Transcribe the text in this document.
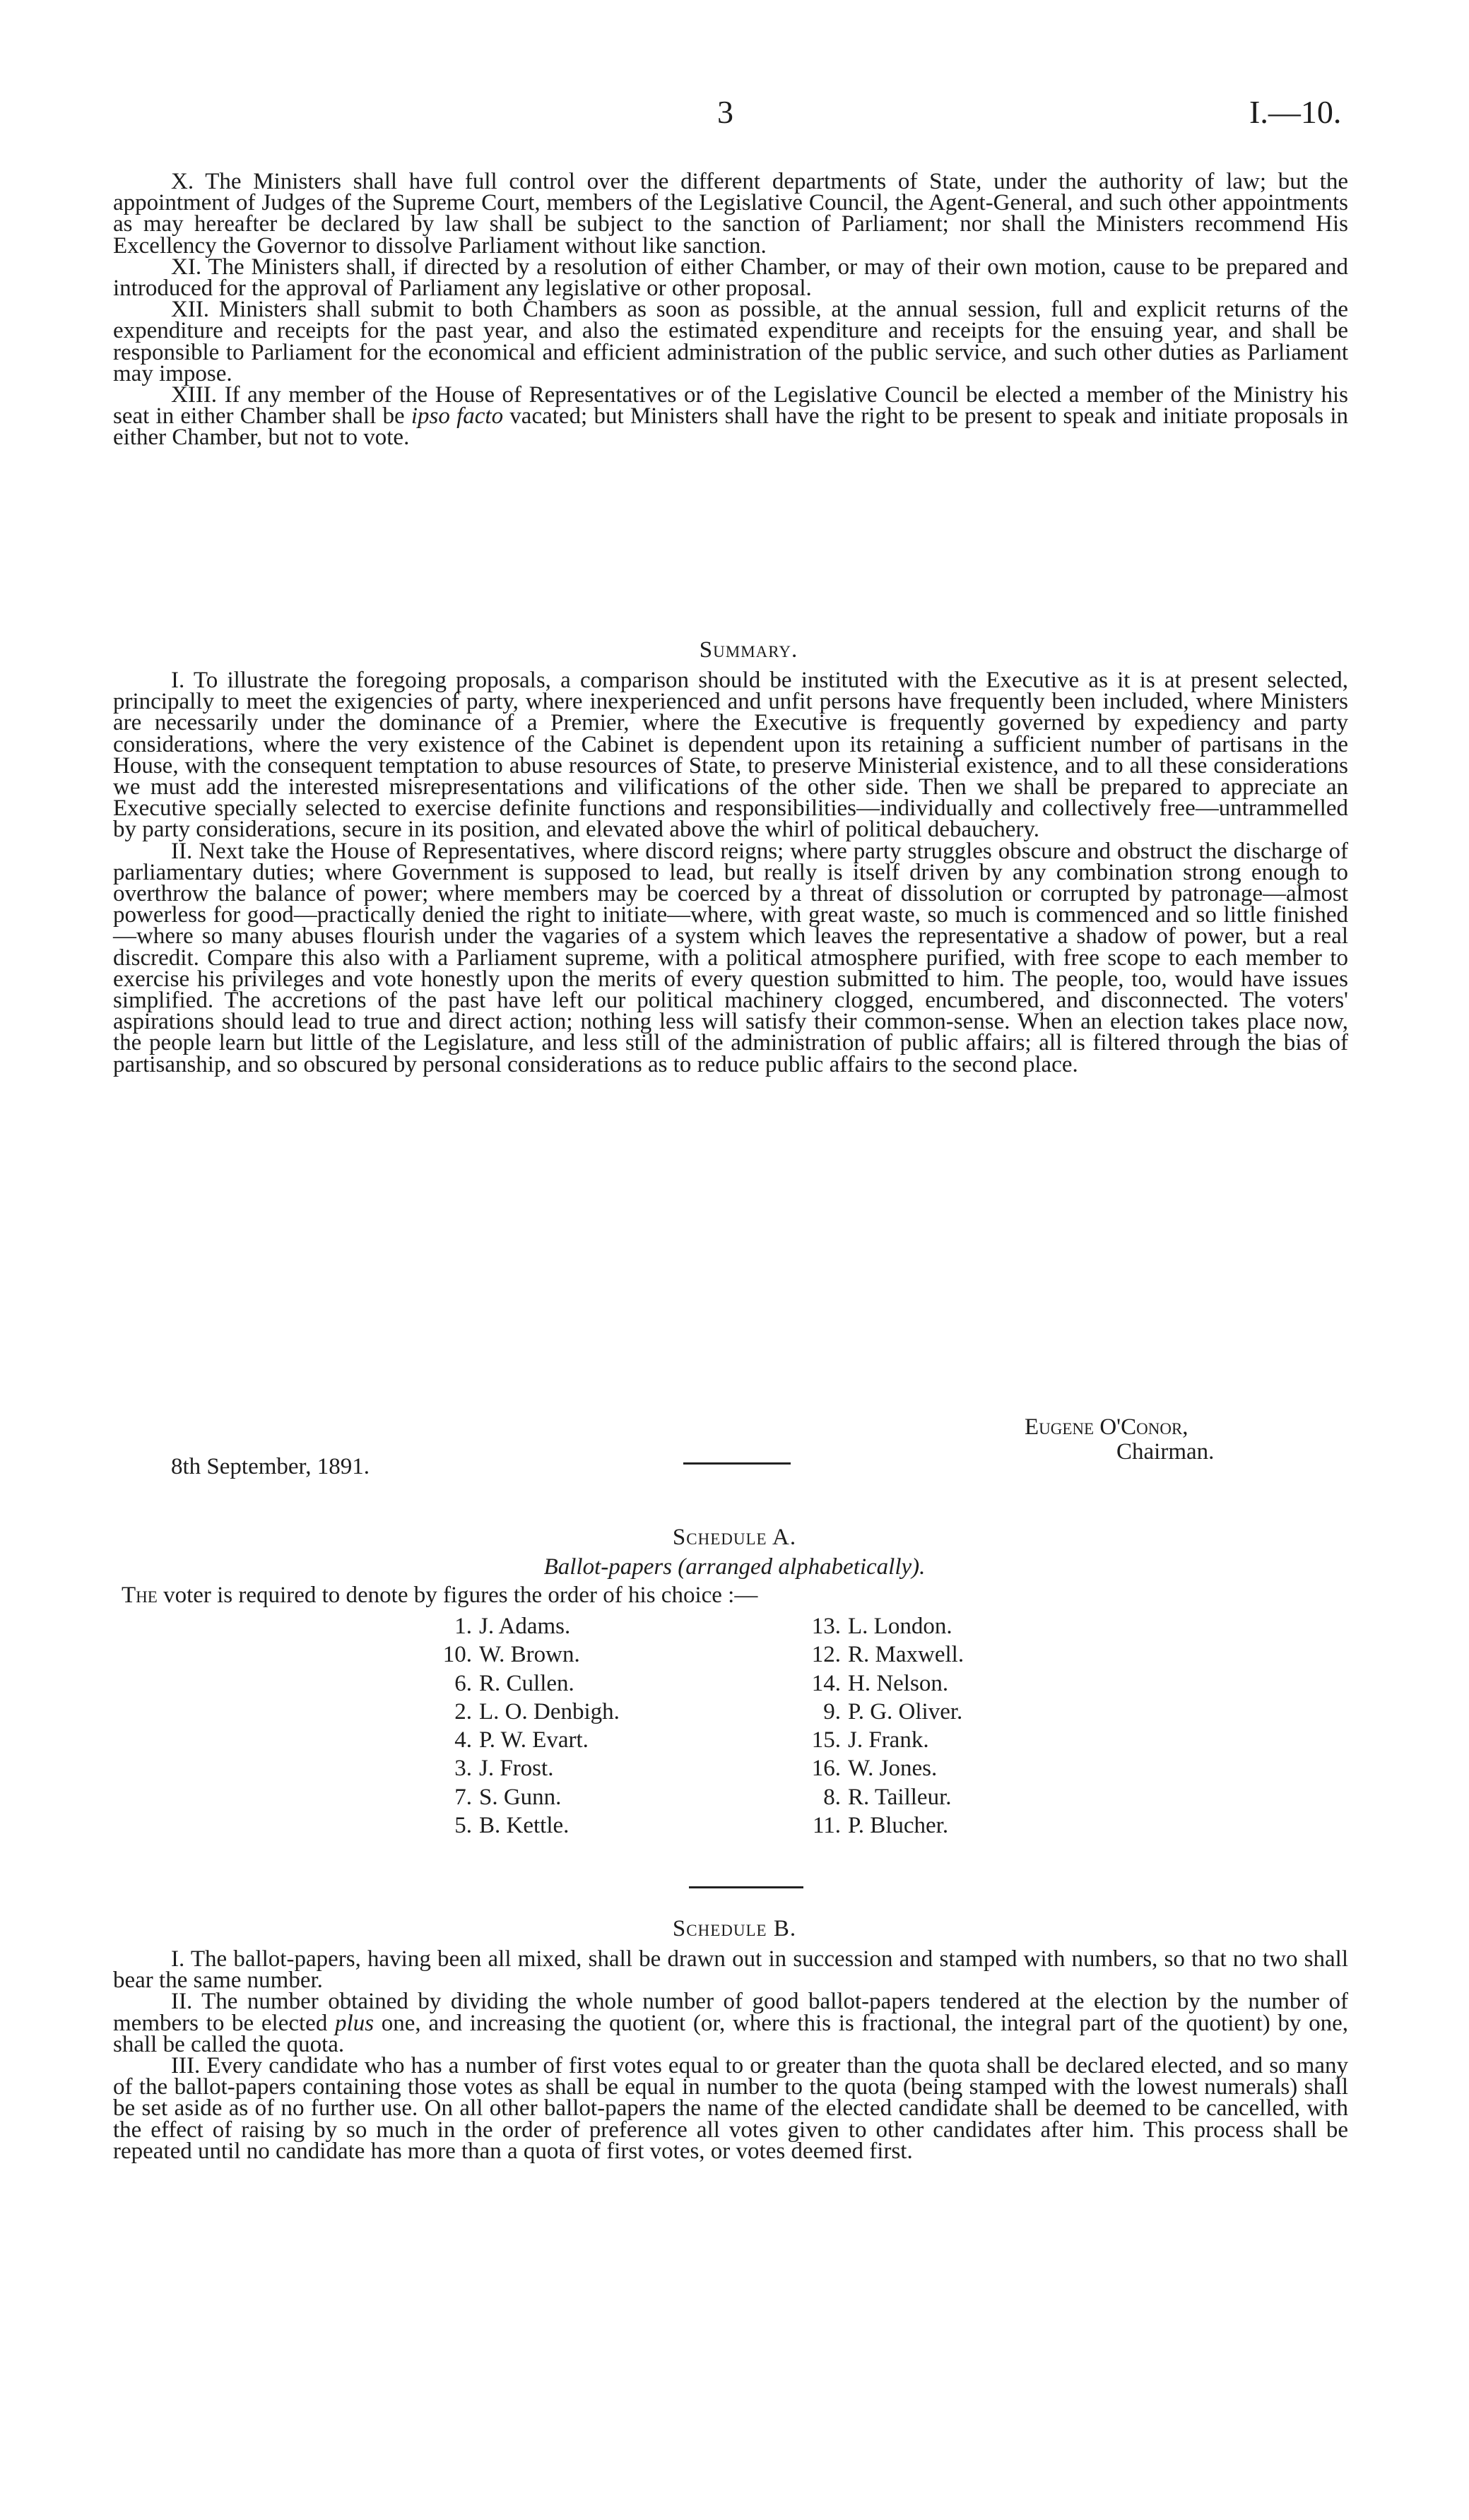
3	I.—10.

X. The Ministers shall have full control over the different departments of State, under the authority of law; but the appointment of Judges of the Supreme Court, members of the Legislative Council, the Agent-General, and such other appointments as may hereafter be declared by law shall be subject to the sanction of Parliament; nor shall the Ministers recommend His Excellency the Governor to dissolve Parliament without like sanction.

XI. The Ministers shall, if directed by a resolution of either Chamber, or may of their own motion, cause to be prepared and introduced for the approval of Parliament any legislative or other proposal.

XII. Ministers shall submit to both Chambers as soon as possible, at the annual session, full and explicit returns of the expenditure and receipts for the past year, and also the estimated expenditure and receipts for the ensuing year, and shall be responsible to Parliament for the economical and efficient administration of the public service, and such other duties as Parliament may impose.

XIII. If any member of the House of Representatives or of the Legislative Council be elected a member of the Ministry his seat in either Chamber shall be ipso facto vacated; but Ministers shall have the right to be present to speak and initiate proposals in either Chamber, but not to vote.

Summary.

I. To illustrate the foregoing proposals, a comparison should be instituted with the Executive as it is at present selected, principally to meet the exigencies of party, where inexperienced and unfit persons have frequently been included, where Ministers are necessarily under the dominance of a Premier, where the Executive is frequently governed by expediency and party considerations, where the very existence of the Cabinet is dependent upon its retaining a sufficient number of partisans in the House, with the consequent temptation to abuse resources of State, to preserve Ministerial existence, and to all these considerations we must add the interested misrepresentations and vilifications of the other side. Then we shall be prepared to appreciate an Executive specially selected to exercise definite functions and responsibilities—individually and collectively free—untrammelled by party considerations, secure in its position, and elevated above the whirl of political debauchery.

II. Next take the House of Representatives, where discord reigns; where party struggles obscure and obstruct the discharge of parliamentary duties; where Government is supposed to lead, but really is itself driven by any combination strong enough to overthrow the balance of power; where members may be coerced by a threat of dissolution or corrupted by patronage—almost powerless for good—practically denied the right to initiate—where, with great waste, so much is commenced and so little finished—where so many abuses flourish under the vagaries of a system which leaves the representative a shadow of power, but a real discredit. Compare this also with a Parliament supreme, with a political atmosphere purified, with free scope to each member to exercise his privileges and vote honestly upon the merits of every question submitted to him. The people, too, would have issues simplified. The accretions of the past have left our political machinery clogged, encumbered, and disconnected. The voters' aspirations should lead to true and direct action; nothing less will satisfy their common-sense. When an election takes place now, the people learn but little of the Legislature, and less still of the administration of public affairs; all is filtered through the bias of partisanship, and so obscured by personal considerations as to reduce public affairs to the second place.

Eugene O'Conor,
Chairman.
8th September, 1891.
Schedule A.
Ballot-papers (arranged alphabetically).
The voter is required to denote by figures the order of his choice :—
1. J. Adams.
10. W. Brown.
6. R. Cullen.
2. L. O. Denbigh.
4. P. W. Evart.
3. J. Frost.
7. S. Gunn.
5. B. Kettle.
13. L. London.
12. R. Maxwell.
14. H. Nelson.
9. P. G. Oliver.
15. J. Frank.
16. W. Jones.
8. R. Tailleur.
11. P. Blucher.
Schedule B.

I. The ballot-papers, having been all mixed, shall be drawn out in succession and stamped with numbers, so that no two shall bear the same number.

II. The number obtained by dividing the whole number of good ballot-papers tendered at the election by the number of members to be elected plus one, and increasing the quotient (or, where this is fractional, the integral part of the quotient) by one, shall be called the quota.

III. Every candidate who has a number of first votes equal to or greater than the quota shall be declared elected, and so many of the ballot-papers containing those votes as shall be equal in number to the quota (being stamped with the lowest numerals) shall be set aside as of no further use. On all other ballot-papers the name of the elected candidate shall be deemed to be cancelled, with the effect of raising by so much in the order of preference all votes given to other candidates after him. This process shall be repeated until no candidate has more than a quota of first votes, or votes deemed first.
